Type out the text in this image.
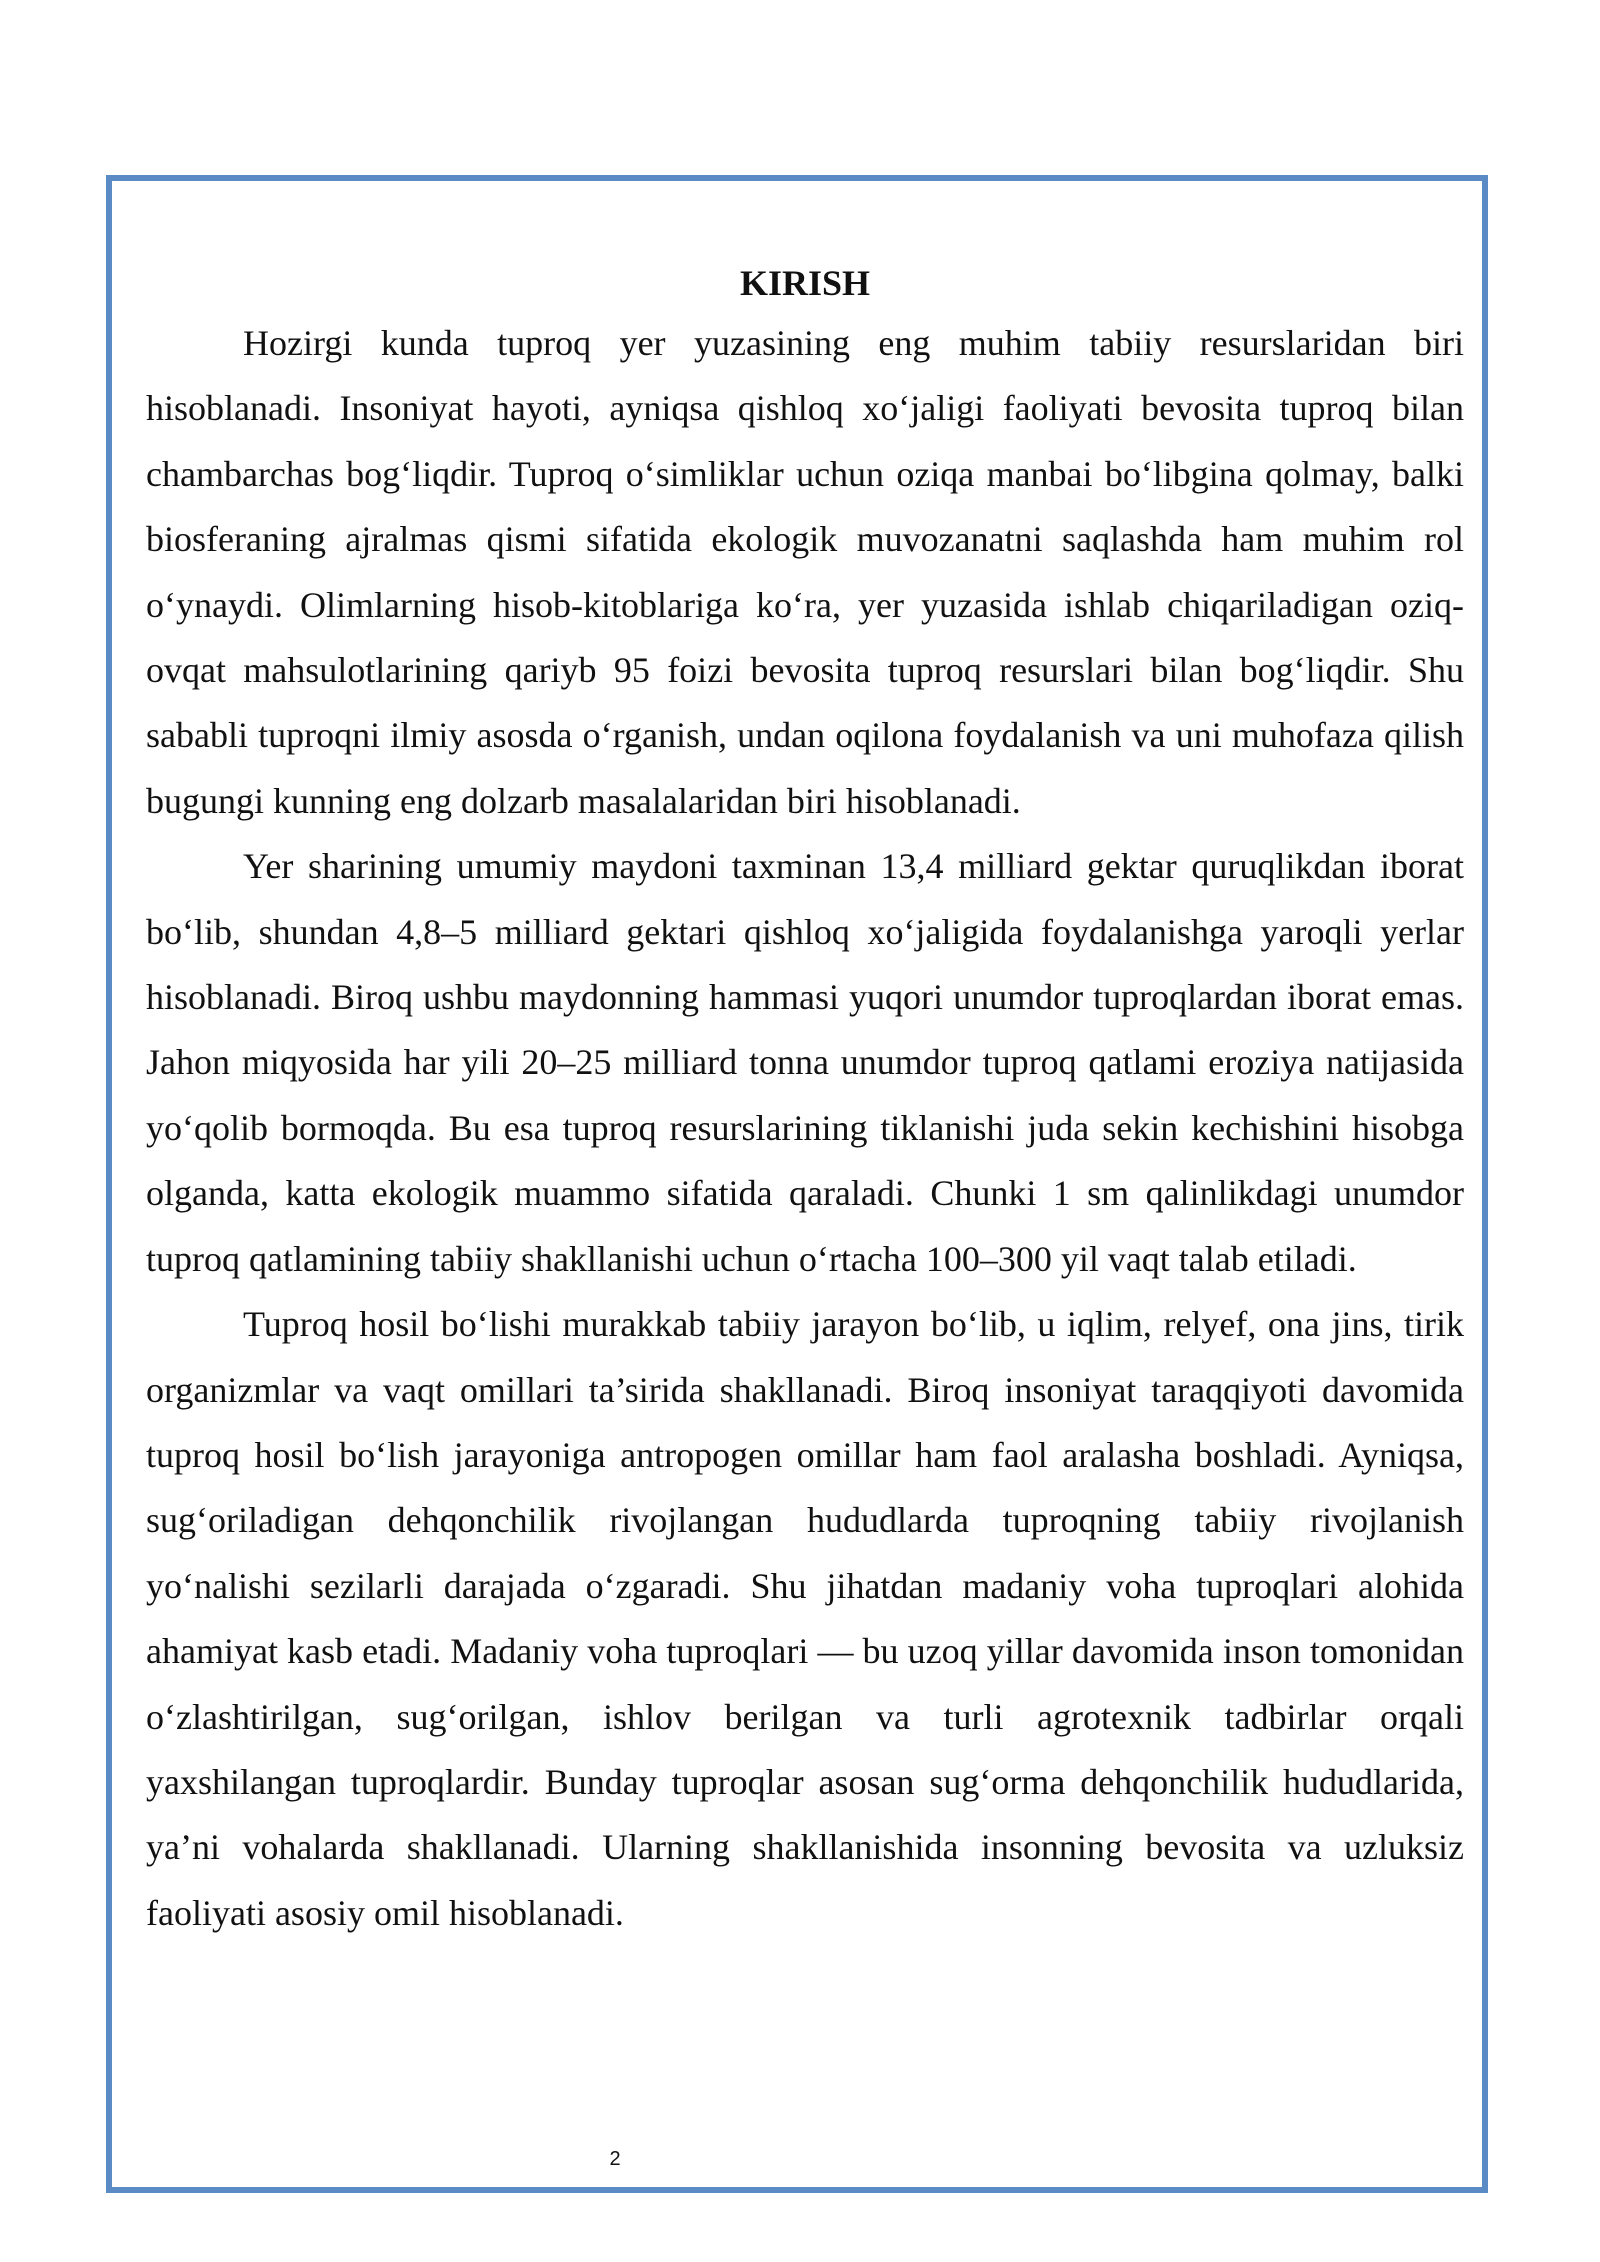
KIRISH

Hozirgi kunda tuproq yer yuzasining eng muhim tabiiy resurslaridan biri hisoblanadi. Insoniyat hayoti, ayniqsa qishloq xo‘jaligi faoliyati bevosita tuproq bilan chambarchas bog‘liqdir. Tuproq o‘simliklar uchun oziqa manbai bo‘libgina qolmay, balki biosferaning ajralmas qismi sifatida ekologik muvozanatni saqlashda ham muhim rol o‘ynaydi. Olimlarning hisob-kitoblariga ko‘ra, yer yuzasida ishlab chiqariladigan oziq-ovqat mahsulotlarining qariyb 95 foizi bevosita tuproq resurslari bilan bog‘liqdir. Shu sababli tuproqni ilmiy asosda o‘rganish, undan oqilona foydalanish va uni muhofaza qilish bugungi kunning eng dolzarb masalalaridan biri hisoblanadi.

Yer sharining umumiy maydoni taxminan 13,4 milliard gektar quruqlikdan iborat bo‘lib, shundan 4,8–5 milliard gektari qishloq xo‘jaligida foydalanishga yaroqli yerlar hisoblanadi. Biroq ushbu maydonning hammasi yuqori unumdor tuproqlardan iborat emas. Jahon miqyosida har yili 20–25 milliard tonna unumdor tuproq qatlami eroziya natijasida yo‘qolib bormoqda. Bu esa tuproq resurslarining tiklanishi juda sekin kechishini hisobga olganda, katta ekologik muammo sifatida qaraladi. Chunki 1 sm qalinlikdagi unumdor tuproq qatlamining tabiiy shakllanishi uchun o‘rtacha 100–300 yil vaqt talab etiladi.

Tuproq hosil bo‘lishi murakkab tabiiy jarayon bo‘lib, u iqlim, relyef, ona jins, tirik organizmlar va vaqt omillari ta’sirida shakllanadi. Biroq insoniyat taraqqiyoti davomida tuproq hosil bo‘lish jarayoniga antropogen omillar ham faol aralasha boshladi. Ayniqsa, sug‘oriladigan dehqonchilik rivojlangan hududlarda tuproqning tabiiy rivojlanish yo‘nalishi sezilarli darajada o‘zgaradi. Shu jihatdan madaniy voha tuproqlari alohida ahamiyat kasb etadi. Madaniy voha tuproqlari — bu uzoq yillar davomida inson tomonidan o‘zlashtirilgan, sug‘orilgan, ishlov berilgan va turli agrotexnik tadbirlar orqali yaxshilangan tuproqlardir. Bunday tuproqlar asosan sug‘orma dehqonchilik hududlarida, ya’ni vohalarda shakllanadi. Ularning shakllanishida insonning bevosita va uzluksiz faoliyati asosiy omil hisoblanadi.

2
